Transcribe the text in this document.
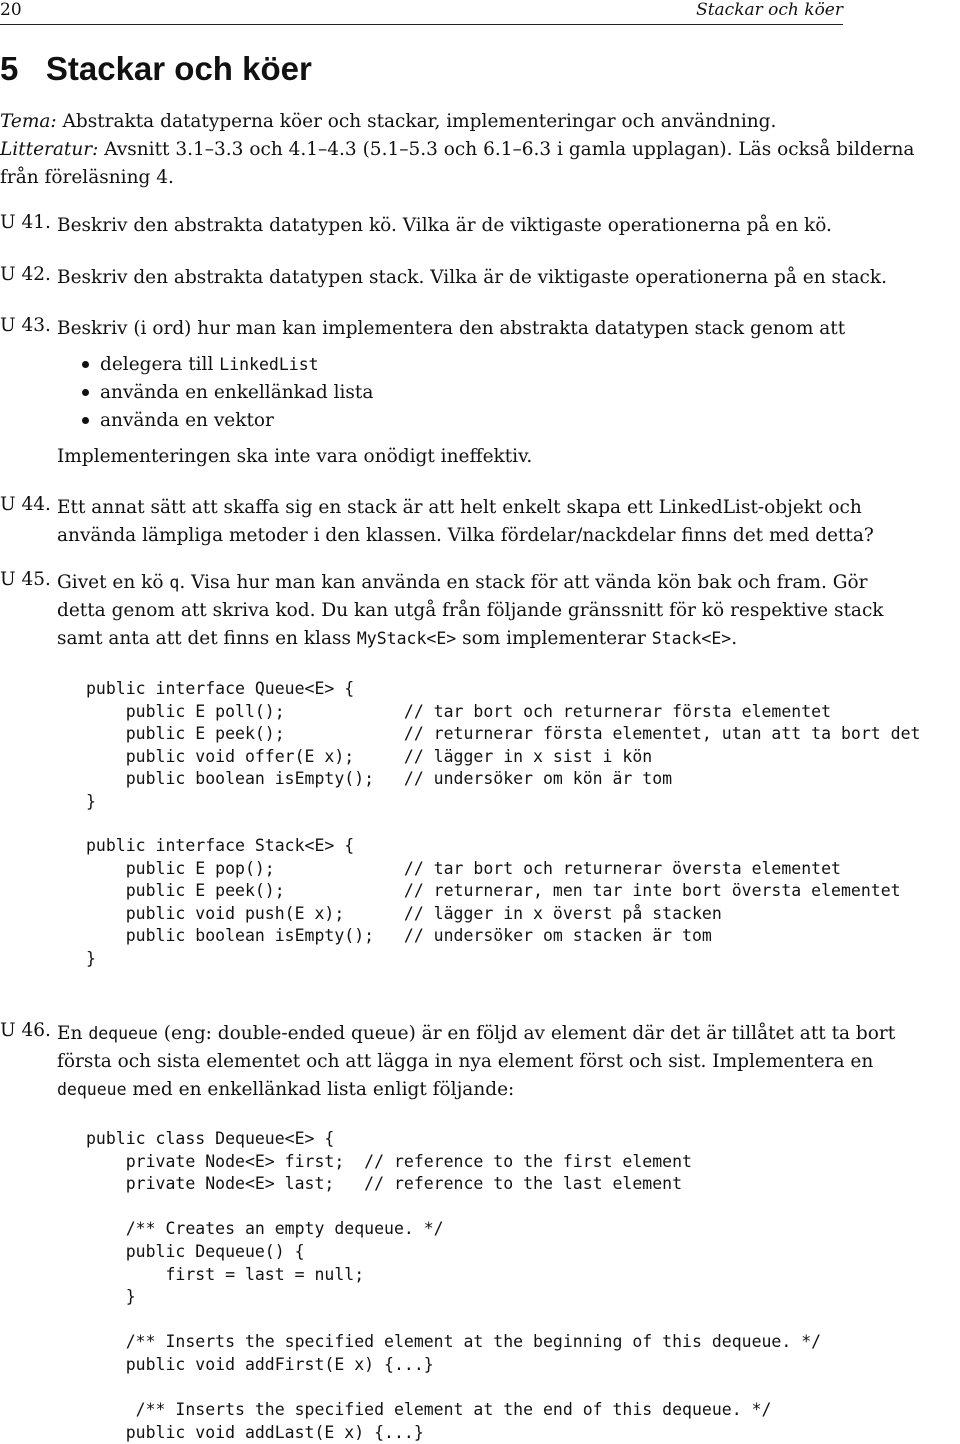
20	Stackar och köer
5 Stackar och köer
Tema: Abstrakta datatyperna köer och stackar, implementeringar och användning.
Litteratur: Avsnitt 3.1–3.3 och 4.1–4.3 (5.1–5.3 och 6.1–6.3 i gamla upplagan). Läs också bilderna
från föreläsning 4.
U 41. Beskriv den abstrakta datatypen kö. Vilka är de viktigaste operationerna på en kö.
U 42. Beskriv den abstrakta datatypen stack. Vilka är de viktigaste operationerna på en stack.
U 43. Beskriv (i ord) hur man kan implementera den abstrakta datatypen stack genom att
delegera till LinkedList
använda en enkellänkad lista
använda en vektor
Implementeringen ska inte vara onödigt ineffektiv.
U 44. Ett annat sätt att skaffa sig en stack är att helt enkelt skapa ett LinkedList-objekt och
använda lämpliga metoder i den klassen. Vilka fördelar/nackdelar finns det med detta?
U 45. Givet en kö q. Visa hur man kan använda en stack för att vända kön bak och fram. Gör
detta genom att skriva kod. Du kan utgå från följande gränssnitt för kö respektive stack
samt anta att det finns en klass MyStack<E> som implementerar Stack<E>.
public interface Queue<E> {
public E poll();            // tar bort och returnerar första elementet
public E peek();            // returnerar första elementet, utan att ta bort det
public void offer(E x);     // lägger in x sist i kön
public boolean isEmpty();   // undersöker om kön är tom
}
public interface Stack<E> {
public E pop();             // tar bort och returnerar översta elementet
public E peek();            // returnerar, men tar inte bort översta elementet
public void push(E x);      // lägger in x överst på stacken
public boolean isEmpty();   // undersöker om stacken är tom
}
U 46. En dequeue (eng: double-ended queue) är en följd av element där det är tillåtet att ta bort
första och sista elementet och att lägga in nya element först och sist. Implementera en
dequeue med en enkellänkad lista enligt följande:
public class Dequeue<E> {
private Node<E> first;  // reference to the first element
private Node<E> last;   // reference to the last element

/** Creates an empty dequeue. */
public Dequeue() {
first = last = null;
}

/** Inserts the specified element at the beginning of this dequeue. */
public void addFirst(E x) {...}

/** Inserts the specified element at the end of this dequeue. */
public void addLast(E x) {...}
